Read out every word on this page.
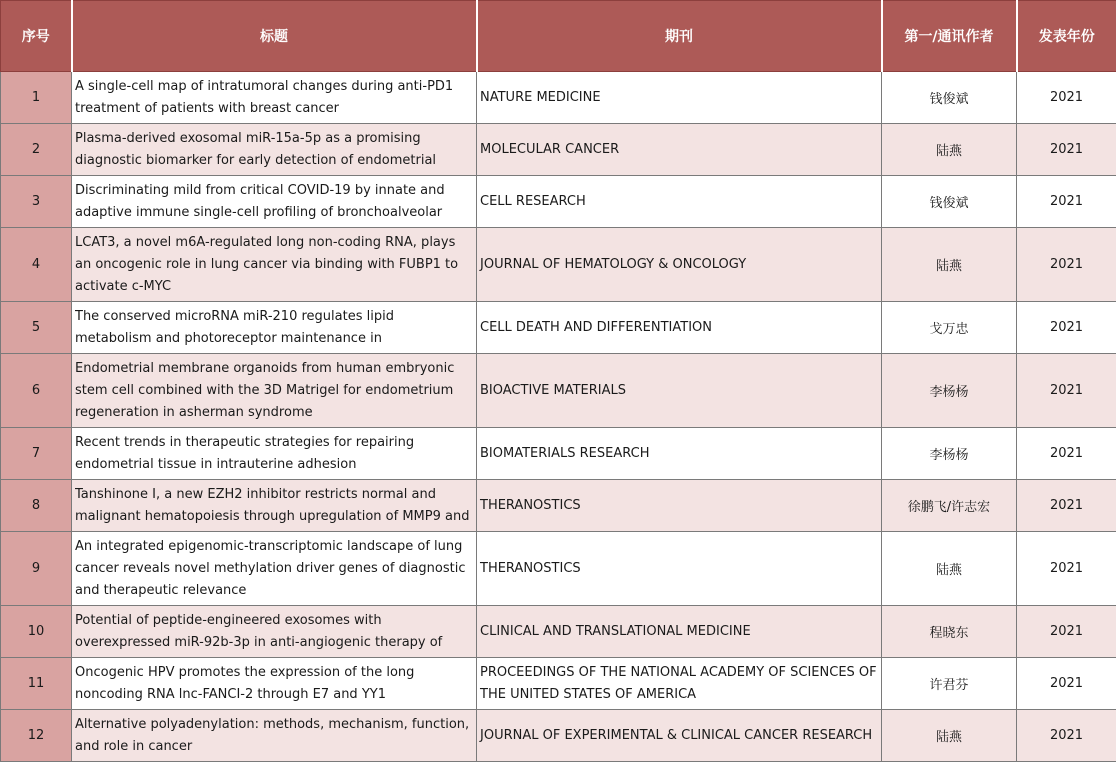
序号	标题	期刊	第一/通讯作者	发表年份
1	A single-cell map of intratumoral changes during anti-PD1 treatment of patients with breast cancer	NATURE MEDICINE	钱俊斌	2021
2	Plasma-derived exosomal miR-15a-5p as a promising diagnostic biomarker for early detection of endometrial	MOLECULAR CANCER	陆燕	2021
3	Discriminating mild from critical COVID-19 by innate and adaptive immune single-cell profiling of bronchoalveolar	CELL RESEARCH	钱俊斌	2021
4	LCAT3, a novel m6A-regulated long non-coding RNA, plays an oncogenic role in lung cancer via binding with FUBP1 to activate c-MYC	JOURNAL OF HEMATOLOGY & ONCOLOGY	陆燕	2021
5	The conserved microRNA miR-210 regulates lipid metabolism and photoreceptor maintenance in	CELL DEATH AND DIFFERENTIATION	戈万忠	2021
6	Endometrial membrane organoids from human embryonic stem cell combined with the 3D Matrigel for endometrium regeneration in asherman syndrome	BIOACTIVE MATERIALS	李杨杨	2021
7	Recent trends in therapeutic strategies for repairing endometrial tissue in intrauterine adhesion	BIOMATERIALS RESEARCH	李杨杨	2021
8	Tanshinone I, a new EZH2 inhibitor restricts normal and malignant hematopoiesis through upregulation of MMP9 and	THERANOSTICS	徐鹏飞/许志宏	2021
9	An integrated epigenomic-transcriptomic landscape of lung cancer reveals novel methylation driver genes of diagnostic and therapeutic relevance	THERANOSTICS	陆燕	2021
10	Potential of peptide-engineered exosomes with overexpressed miR-92b-3p in anti-angiogenic therapy of	CLINICAL AND TRANSLATIONAL MEDICINE	程晓东	2021
11	Oncogenic HPV promotes the expression of the long noncoding RNA lnc-FANCI-2 through E7 and YY1	PROCEEDINGS OF THE NATIONAL ACADEMY OF SCIENCES OF THE UNITED STATES OF AMERICA	许君芬	2021
12	Alternative polyadenylation: methods, mechanism, function, and role in cancer	JOURNAL OF EXPERIMENTAL & CLINICAL CANCER RESEARCH	陆燕	2021
